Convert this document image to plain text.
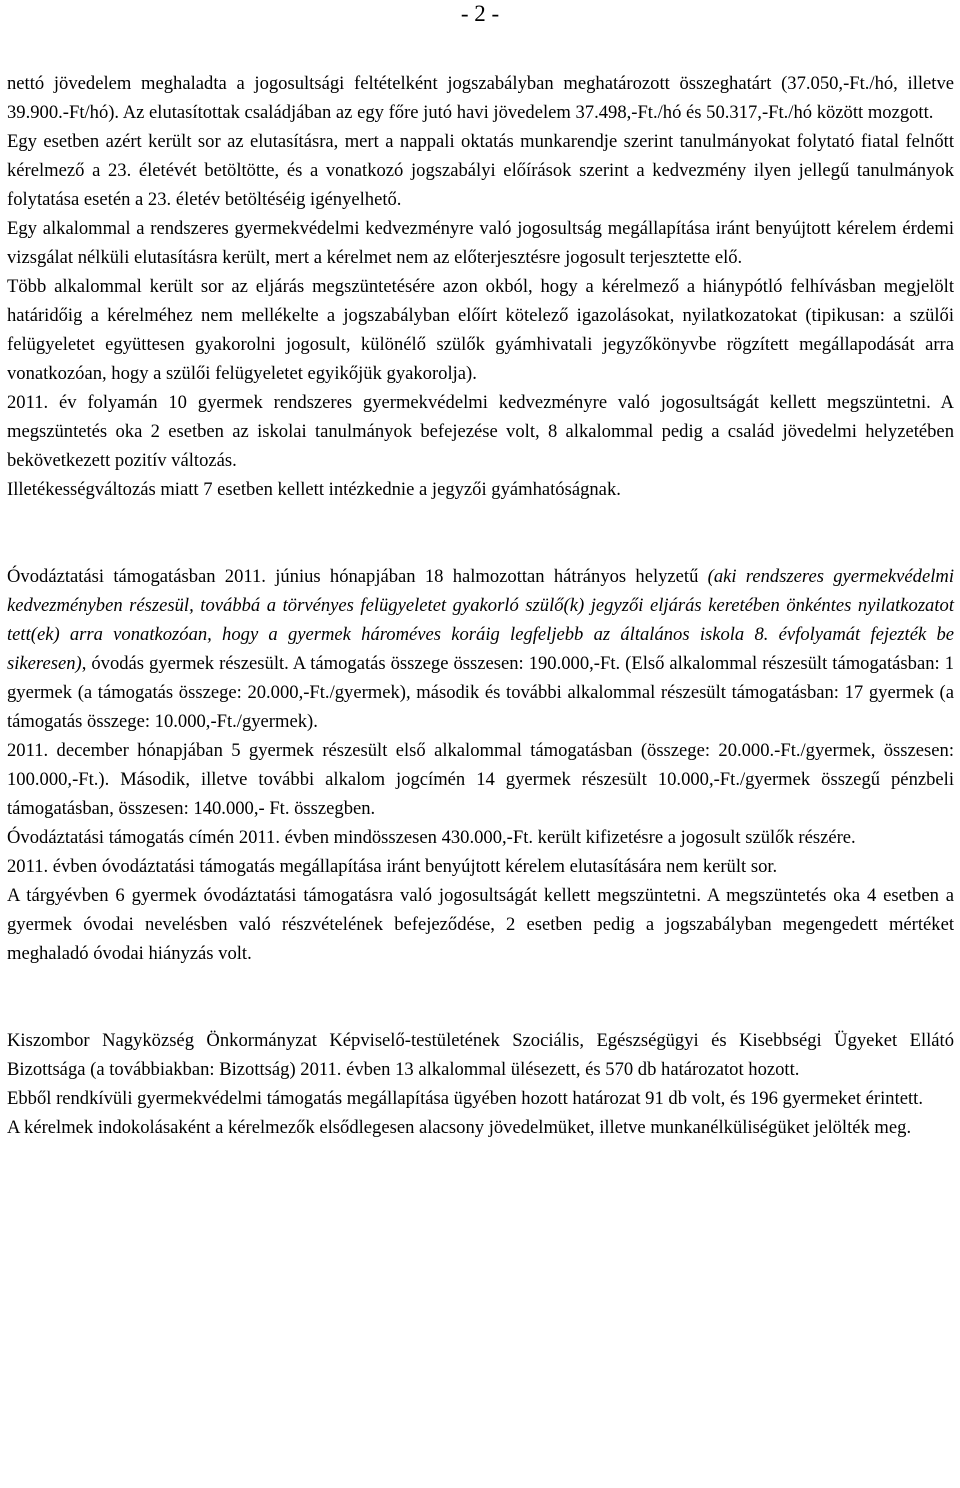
- 2 -

nettó jövedelem meghaladta a jogosultsági feltételként jogszabályban meghatározott összeghatárt (37.050,-Ft./hó, illetve 39.900.-Ft/hó). Az elutasítottak családjában az egy főre jutó havi jövedelem 37.498,-Ft./hó és 50.317,-Ft./hó között mozgott.

Egy esetben azért került sor az elutasításra, mert a nappali oktatás munkarendje szerint tanulmányokat folytató fiatal felnőtt kérelmező a 23. életévét betöltötte, és a vonatkozó jogszabályi előírások szerint a kedvezmény ilyen jellegű tanulmányok folytatása esetén a 23. életév betöltéséig igényelhető.

Egy alkalommal a rendszeres gyermekvédelmi kedvezményre való jogosultság megállapítása iránt benyújtott kérelem érdemi vizsgálat nélküli elutasításra került, mert a kérelmet nem az előterjesztésre jogosult terjesztette elő.

Több alkalommal került sor az eljárás megszüntetésére azon okból, hogy a kérelmező a hiánypótló felhívásban megjelölt határidőig a kérelméhez nem mellékelte a jogszabályban előírt kötelező igazolásokat, nyilatkozatokat (tipikusan: a szülői felügyeletet együttesen gyakorolni jogosult, különélő szülők gyámhivatali jegyzőkönyvbe rögzített megállapodását arra vonatkozóan, hogy a szülői felügyeletet egyikőjük gyakorolja).

2011. év folyamán 10 gyermek rendszeres gyermekvédelmi kedvezményre való jogosultságát kellett megszüntetni. A megszüntetés oka 2 esetben az iskolai tanulmányok befejezése volt, 8 alkalommal pedig a család jövedelmi helyzetében bekövetkezett pozitív változás.

Illetékességváltozás miatt 7 esetben kellett intézkednie a jegyzői gyámhatóságnak.

Óvodáztatási támogatásban 2011. június hónapjában 18 halmozottan hátrányos helyzetű (aki rendszeres gyermekvédelmi kedvezményben részesül, továbbá a törvényes felügyeletet gyakorló szülő(k) jegyzői eljárás keretében önkéntes nyilatkozatot tett(ek) arra vonatkozóan, hogy a gyermek hároméves koráig legfeljebb az általános iskola 8. évfolyamát fejezték be sikeresen), óvodás gyermek részesült. A támogatás összege összesen: 190.000,-Ft. (Első alkalommal részesült támogatásban: 1 gyermek (a támogatás összege: 20.000,-Ft./gyermek), második és további alkalommal részesült támogatásban: 17 gyermek (a támogatás összege: 10.000,-Ft./gyermek).

2011. december hónapjában 5 gyermek részesült első alkalommal támogatásban (összege: 20.000.-Ft./gyermek, összesen: 100.000,-Ft.). Második, illetve további alkalom jogcímén 14 gyermek részesült 10.000,-Ft./gyermek összegű pénzbeli támogatásban, összesen: 140.000,- Ft. összegben.

Óvodáztatási támogatás címén 2011. évben mindösszesen 430.000,-Ft. került kifizetésre a jogosult szülők részére.

2011. évben óvodáztatási támogatás megállapítása iránt benyújtott kérelem elutasítására nem került sor.

A tárgyévben 6 gyermek óvodáztatási támogatásra való jogosultságát kellett megszüntetni. A megszüntetés oka 4 esetben a gyermek óvodai nevelésben való részvételének befejeződése, 2 esetben pedig a jogszabályban megengedett mértéket meghaladó óvodai hiányzás volt.

Kiszombor Nagyközség Önkormányzat Képviselő-testületének Szociális, Egészségügyi és Kisebbségi Ügyeket Ellátó Bizottsága (a továbbiakban: Bizottság) 2011. évben 13 alkalommal ülésezett, és 570 db határozatot hozott.

Ebből rendkívüli gyermekvédelmi támogatás megállapítása ügyében hozott határozat 91 db volt, és 196 gyermeket érintett.

A kérelmek indokolásaként a kérelmezők elsődlegesen alacsony jövedelmüket, illetve munkanélküliségüket jelölték meg.
